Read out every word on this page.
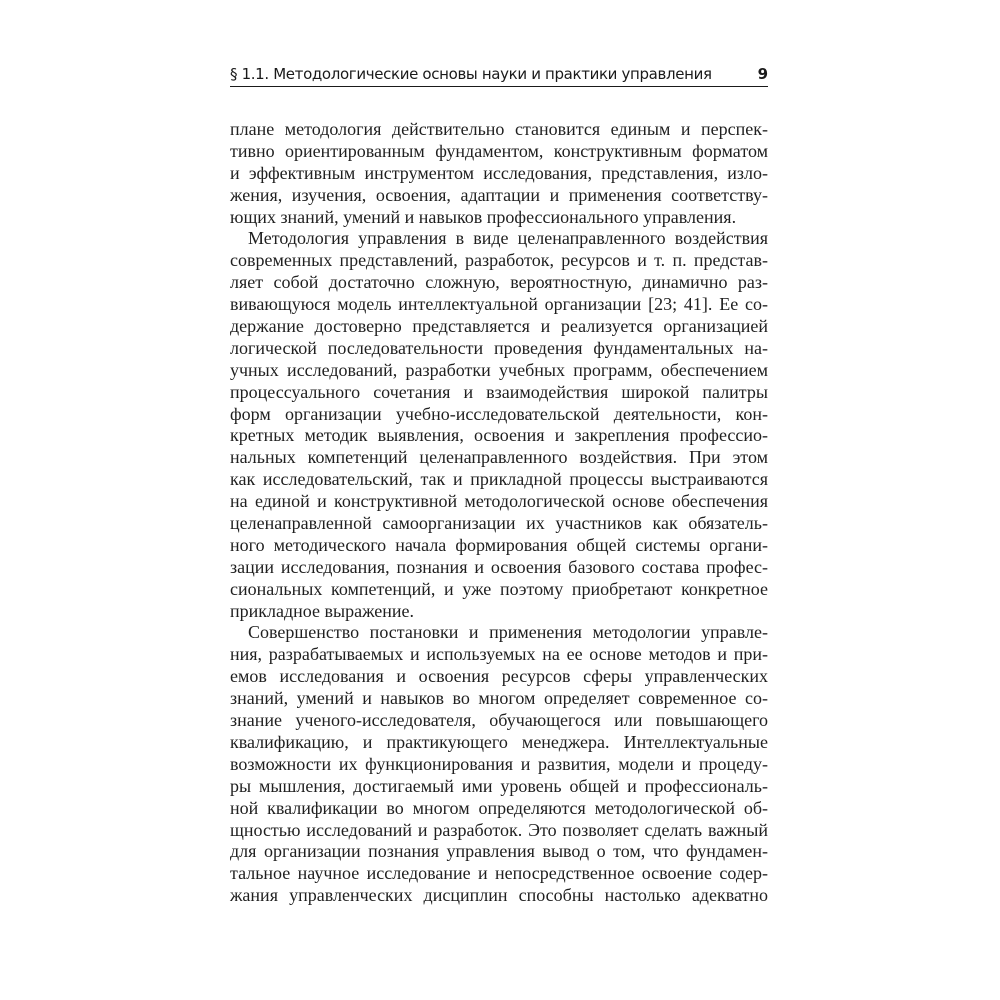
§ 1.1. Методологические основы науки и практики управления	9
плане методология действительно становится единым и перспек-
тивно ориентированным фундаментом, конструктивным форматом
и эффективным инструментом исследования, представления, изло-
жения, изучения, освоения, адаптации и применения соответству-
ющих знаний, умений и навыков профессионального управления.
Методология управления в виде целенаправленного воздействия
современных представлений, разработок, ресурсов и т. п. представ-
ляет собой достаточно сложную, вероятностную, динамично раз-
вивающуюся модель интеллектуальной организации [23; 41]. Ее со-
держание достоверно представляется и реализуется организацией
логической последовательности проведения фундаментальных на-
учных исследований, разработки учебных программ, обеспечением
процессуального сочетания и взаимодействия широкой палитры
форм организации учебно-исследовательской деятельности, кон-
кретных методик выявления, освоения и закрепления профессио-
нальных компетенций целенаправленного воздействия. При этом
как исследовательский, так и прикладной процессы выстраиваются
на единой и конструктивной методологической основе обеспечения
целенаправленной самоорганизации их участников как обязатель-
ного методического начала формирования общей системы органи-
зации исследования, познания и освоения базового состава профес-
сиональных компетенций, и уже поэтому приобретают конкретное
прикладное выражение.
Совершенство постановки и применения методологии управле-
ния, разрабатываемых и используемых на ее основе методов и при-
емов исследования и освоения ресурсов сферы управленческих
знаний, умений и навыков во многом определяет современное со-
знание ученого-исследователя, обучающегося или повышающего
квалификацию, и практикующего менеджера. Интеллектуальные
возможности их функционирования и развития, модели и процеду-
ры мышления, достигаемый ими уровень общей и профессиональ-
ной квалификации во многом определяются методологической об-
щностью исследований и разработок. Это позволяет сделать важный
для организации познания управления вывод о том, что фундамен-
тальное научное исследование и непосредственное освоение содер-
жания управленческих дисциплин способны настолько адекватно
